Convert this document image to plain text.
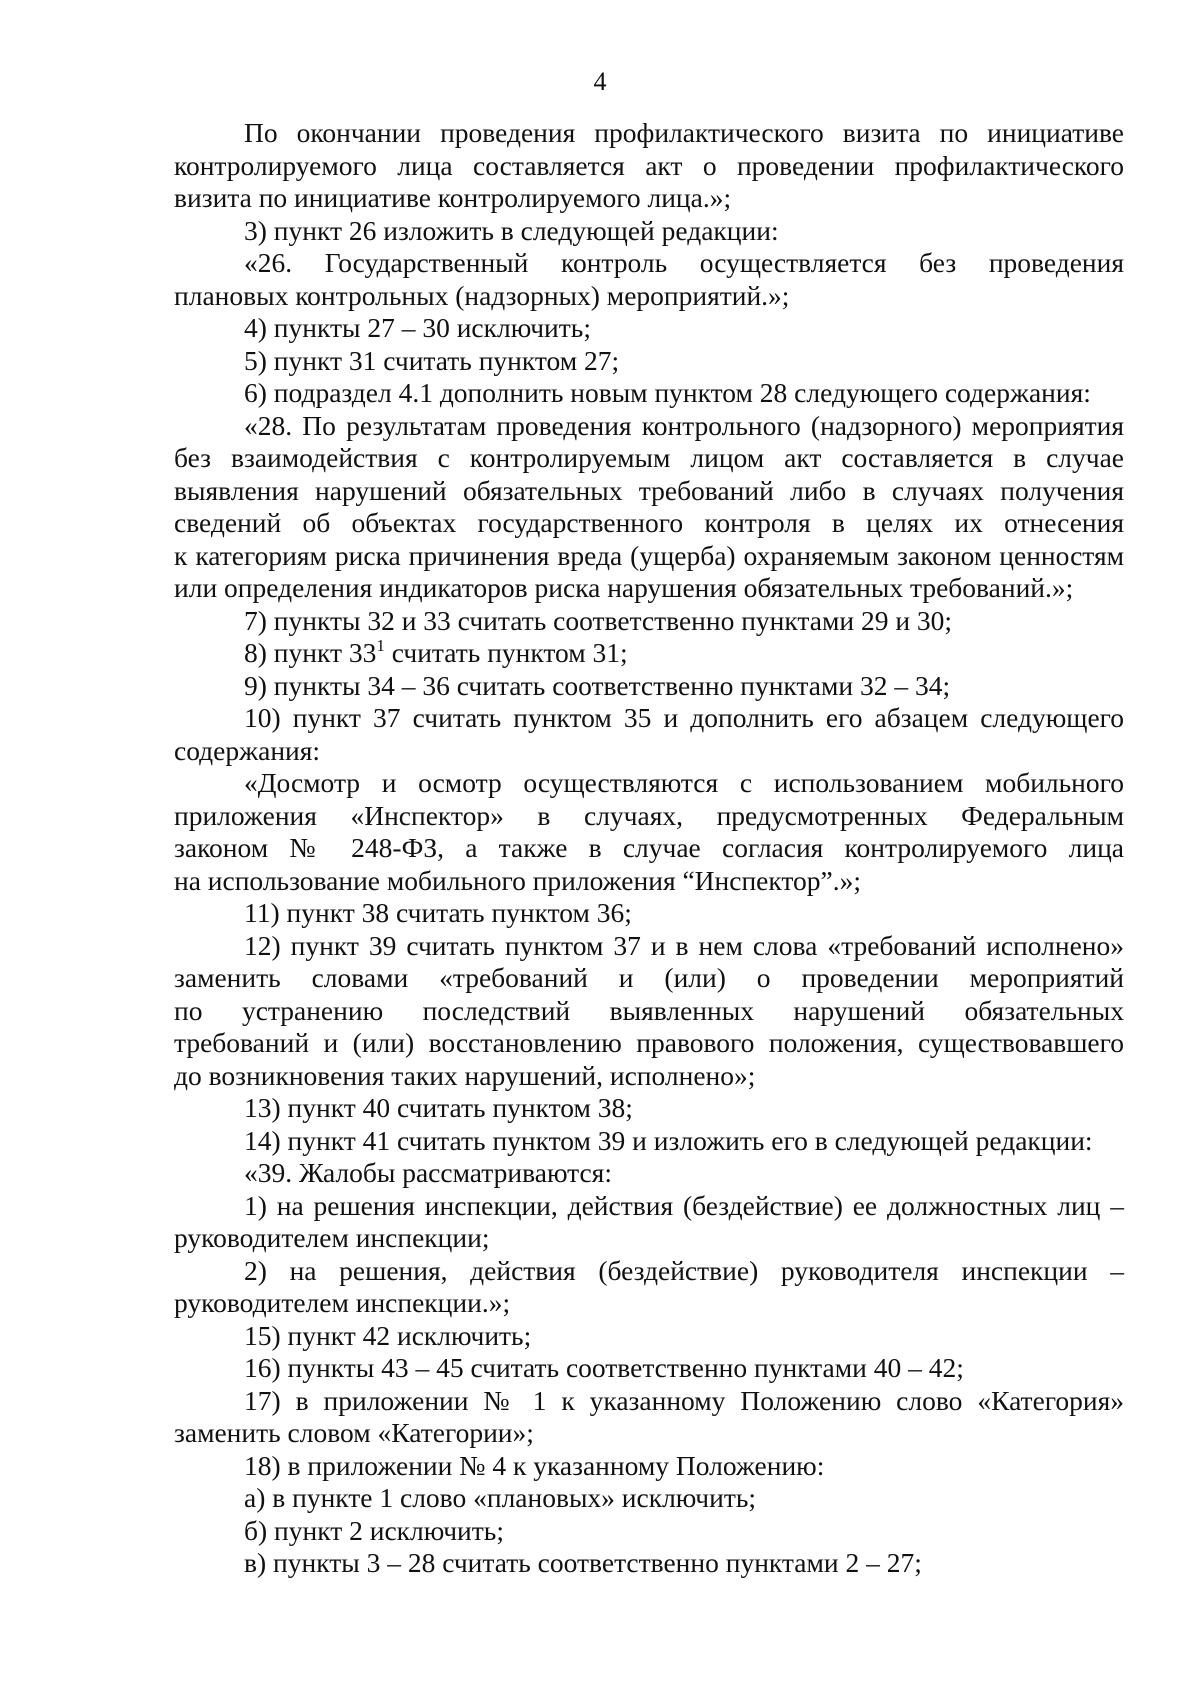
4
По окончании проведения профилактического визита по инициативе
контролируемого лица составляется акт о проведении профилактического
визита по инициативе контролируемого лица.»;
3) пункт 26 изложить в следующей редакции:
«26. Государственный контроль осуществляется без проведения
плановых контрольных (надзорных) мероприятий.»;
4) пункты 27 – 30 исключить;
5) пункт 31 считать пунктом 27;
6) подраздел 4.1 дополнить новым пунктом 28 следующего содержания:
«28. По результатам проведения контрольного (надзорного) мероприятия
без взаимодействия с контролируемым лицом акт составляется в случае
выявления нарушений обязательных требований либо в случаях получения
сведений об объектах государственного контроля в целях их отнесения
к категориям риска причинения вреда (ущерба) охраняемым законом ценностям
или определения индикаторов риска нарушения обязательных требований.»;
7) пункты 32 и 33 считать соответственно пунктами 29 и 30;
8) пункт 33$^1$ считать пунктом 31;
9) пункты 34 – 36 считать соответственно пунктами 32 – 34;
10) пункт 37 считать пунктом 35 и дополнить его абзацем следующего
содержания:
«Досмотр и осмотр осуществляются с использованием мобильного
приложения «Инспектор» в случаях, предусмотренных Федеральным
законом № 248-ФЗ, а также в случае согласия контролируемого лица
на использование мобильного приложения “Инспектор”.»;
11) пункт 38 считать пунктом 36;
12) пункт 39 считать пунктом 37 и в нем слова «требований исполнено»
заменить словами «требований и (или) о проведении мероприятий
по устранению последствий выявленных нарушений обязательных
требований и (или) восстановлению правового положения, существовавшего
до возникновения таких нарушений, исполнено»;
13) пункт 40 считать пунктом 38;
14) пункт 41 считать пунктом 39 и изложить его в следующей редакции:
«39. Жалобы рассматриваются:
1) на решения инспекции, действия (бездействие) ее должностных лиц –
руководителем инспекции;
2) на решения, действия (бездействие) руководителя инспекции –
руководителем инспекции.»;
15) пункт 42 исключить;
16) пункты 43 – 45 считать соответственно пунктами 40 – 42;
17) в приложении № 1 к указанному Положению слово «Категория»
заменить словом «Категории»;
18) в приложении № 4 к указанному Положению:
а) в пункте 1 слово «плановых» исключить;
б) пункт 2 исключить;
в) пункты 3 – 28 считать соответственно пунктами 2 – 27;
